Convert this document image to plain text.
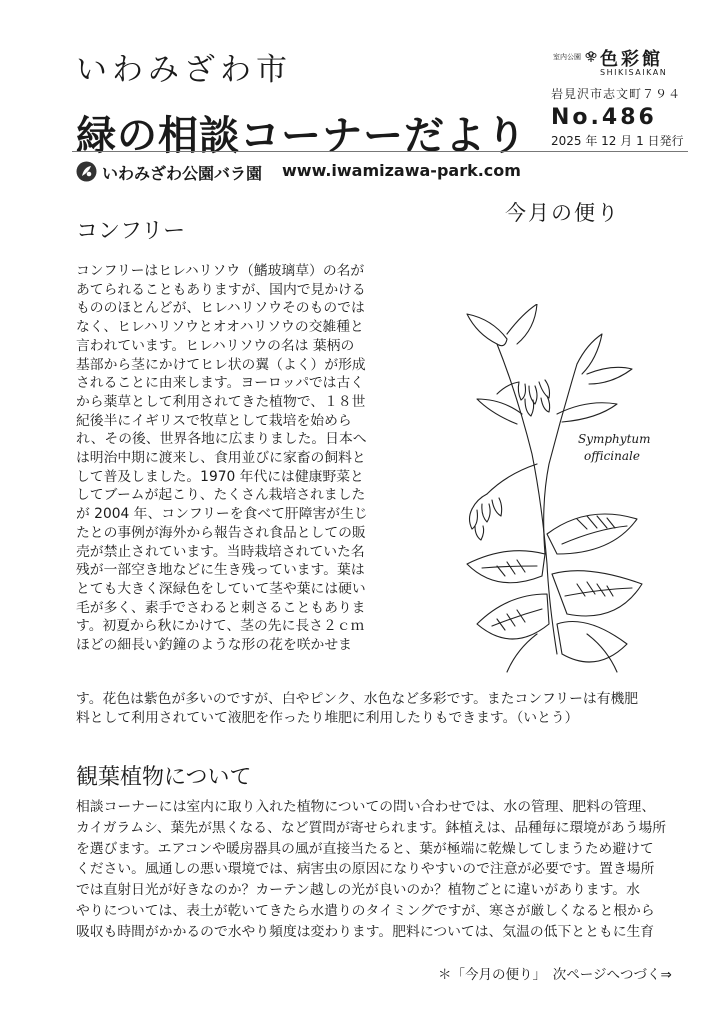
いわみざわ市
緑の相談コーナーだより
室内公園 色彩館
SHIKISAIKAN
岩見沢市志文町７９４
No.486
2025 年 12 月 1 日発行
いわみざわ公園バラ園 www.iwamizawa-park.com
今月の便り
コンフリー
コンフリーはヒレハリソウ（鰭玻璃草）の名が
あてられることもありますが、国内で見かける
もののほとんどが、ヒレハリソウそのものでは
なく、ヒレハリソウとオオハリソウの交雑種と
言われています。ヒレハリソウの名は 葉柄の
基部から茎にかけてヒレ状の翼（よく）が形成
されることに由来します。ヨーロッパでは古く
から薬草として利用されてきた植物で、１８世
紀後半にイギリスで牧草として栽培を始めら
れ、その後、世界各地に広まりました。日本へ
は明治中期に渡来し、食用並びに家畜の飼料と
して普及しました。1970 年代には健康野菜と
してブームが起こり、たくさん栽培されました
が 2004 年、コンフリーを食べて肝障害が生じ
たとの事例が海外から報告され食品としての販
売が禁止されています。当時栽培されていた名
残が一部空き地などに生き残っています。葉は
とても大きく深緑色をしていて茎や葉には硬い
毛が多く、素手でさわると刺さることもありま
す。初夏から秋にかけて、茎の先に長さ２ｃｍ
ほどの細長い釣鐘のような形の花を咲かせま
す。花色は紫色が多いのですが、白やピンク、水色など多彩です。またコンフリーは有機肥
料として利用されていて液肥を作ったり堆肥に利用したりもできます。（いとう）
Symphytum
officinale
観葉植物について
相談コーナーには室内に取り入れた植物についての問い合わせでは、水の管理、肥料の管理、
カイガラムシ、葉先が黒くなる、など質問が寄せられます。鉢植えは、品種毎に環境があう場所
を選びます。エアコンや暖房器具の風が直接当たると、葉が極端に乾燥してしまうため避けて
ください。風通しの悪い環境では、病害虫の原因になりやすいので注意が必要です。置き場所
では直射日光が好きなのか？カーテン越しの光が良いのか？植物ごとに違いがあります。水
やりについては、表土が乾いてきたら水遣りのタイミングですが、寒さが厳しくなると根から
吸収も時間がかかるので水やり頻度は変わります。肥料については、気温の低下とともに生育
＊「今月の便り」　次ページへつづく⇒
